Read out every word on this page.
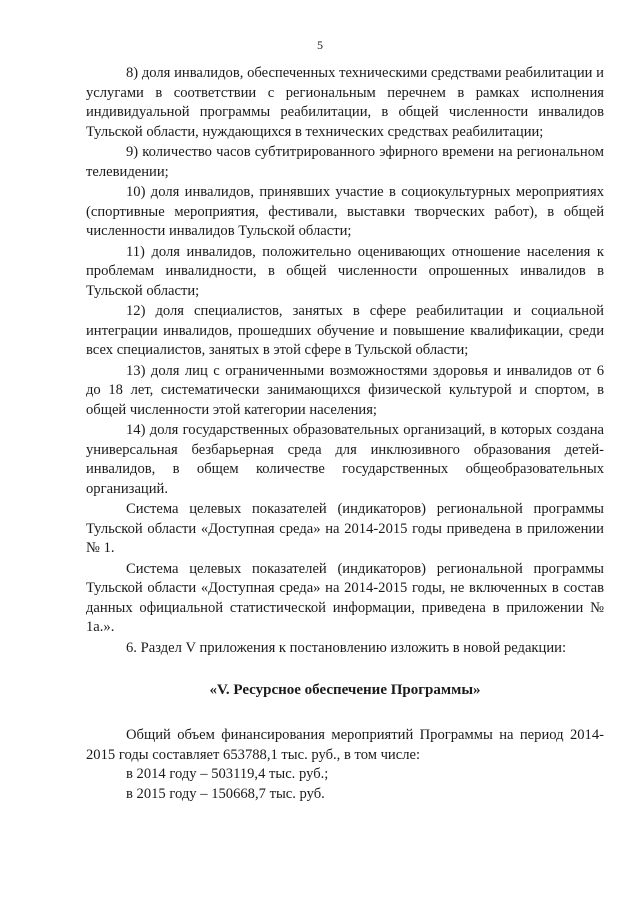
5

8) доля инвалидов, обеспеченных техническими средствами реабилитации и услугами в соответствии с региональным перечнем в рамках исполнения индивидуальной программы реабилитации, в общей численности инвалидов Тульской области, нуждающихся в технических средствах реабилитации;

9) количество часов субтитрированного эфирного времени на региональном телевидении;

10) доля инвалидов, принявших участие в социокультурных мероприятиях (спортивные мероприятия, фестивали, выставки творческих работ), в общей численности инвалидов Тульской области;

11) доля инвалидов, положительно оценивающих отношение населения к проблемам инвалидности, в общей численности опрошенных инвалидов в Тульской области;

12) доля специалистов, занятых в сфере реабилитации и социальной интеграции инвалидов, прошедших обучение и повышение квалификации, среди всех специалистов, занятых в этой сфере в Тульской области;

13) доля лиц с ограниченными возможностями здоровья и инвалидов от 6 до 18 лет, систематически занимающихся физической культурой и спортом, в общей численности этой категории населения;

14) доля государственных образовательных организаций, в которых создана универсальная безбарьерная среда для инклюзивного образования детей-инвалидов, в общем количестве государственных общеобразовательных организаций.

Система целевых показателей (индикаторов) региональной программы Тульской области «Доступная среда» на 2014-2015 годы приведена в приложении № 1.

Система целевых показателей (индикаторов) региональной программы Тульской области «Доступная среда» на 2014-2015 годы, не включенных в состав данных официальной статистической информации, приведена в приложении № 1а.».

6. Раздел V приложения к постановлению изложить в новой редакции:

«V. Ресурсное обеспечение Программы»

Общий объем финансирования мероприятий Программы на период 2014-2015 годы составляет 653788,1 тыс. руб., в том числе:

в 2014 году – 503119,4 тыс. руб.;

в 2015 году – 150668,7 тыс. руб.
